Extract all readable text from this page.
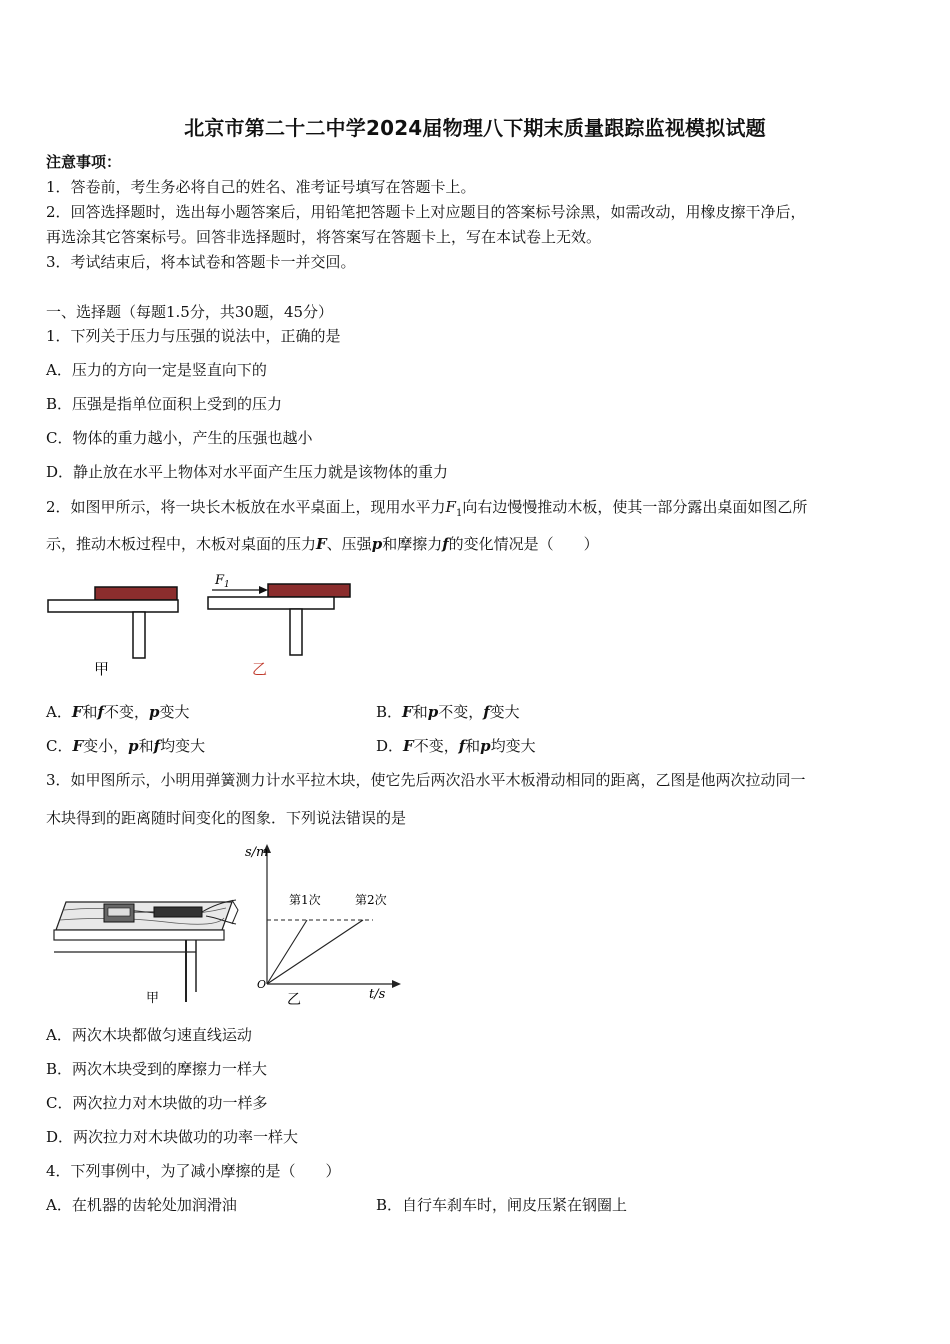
北京市第二十二中学2024届物理八下期末质量跟踪监视模拟试题
注意事项：
1．答卷前，考生务必将自己的姓名、准考证号填写在答题卡上。
2．回答选择题时，选出每小题答案后，用铅笔把答题卡上对应题目的答案标号涂黑，如需改动，用橡皮擦干净后，
再选涂其它答案标号。回答非选择题时，将答案写在答题卡上，写在本试卷上无效。
3．考试结束后，将本试卷和答题卡一并交回。
一、选择题（每题1.5分，共30题，45分）
1．下列关于压力与压强的说法中，正确的是
A．压力的方向一定是竖直向下的
B．压强是指单位面积上受到的压力
C．物体的重力越小，产生的压强也越小
D．静止放在水平上物体对水平面产生压力就是该物体的重力
2．如图甲所示，将一块长木板放在水平桌面上，现用水平力$F_1$向右边慢慢推动木板，使其一部分露出桌面如图乙所
示，推动木板过程中，木板对桌面的压力F、压强p和摩擦力f的变化情况是（　　）
甲
$F_1$
乙
A．F和f不变，p变大	B．F和p不变，f变大
C．F变小，p和f均变大	D．F不变，f和p均变大
3．如甲图所示，小明用弹簧测力计水平拉木块，使它先后两次沿水平木板滑动相同的距离，乙图是他两次拉动同一
木块得到的距离随时间变化的图象．下列说法错误的是
甲
s/m
t/s
O
第1次	第2次
乙
A．两次木块都做匀速直线运动
B．两次木块受到的摩擦力一样大
C．两次拉力对木块做的功一样多
D．两次拉力对木块做功的功率一样大
4．下列事例中，为了减小摩擦的是（　　）
A．在机器的齿轮处加润滑油	B．自行车刹车时，闸皮压紧在钢圈上
